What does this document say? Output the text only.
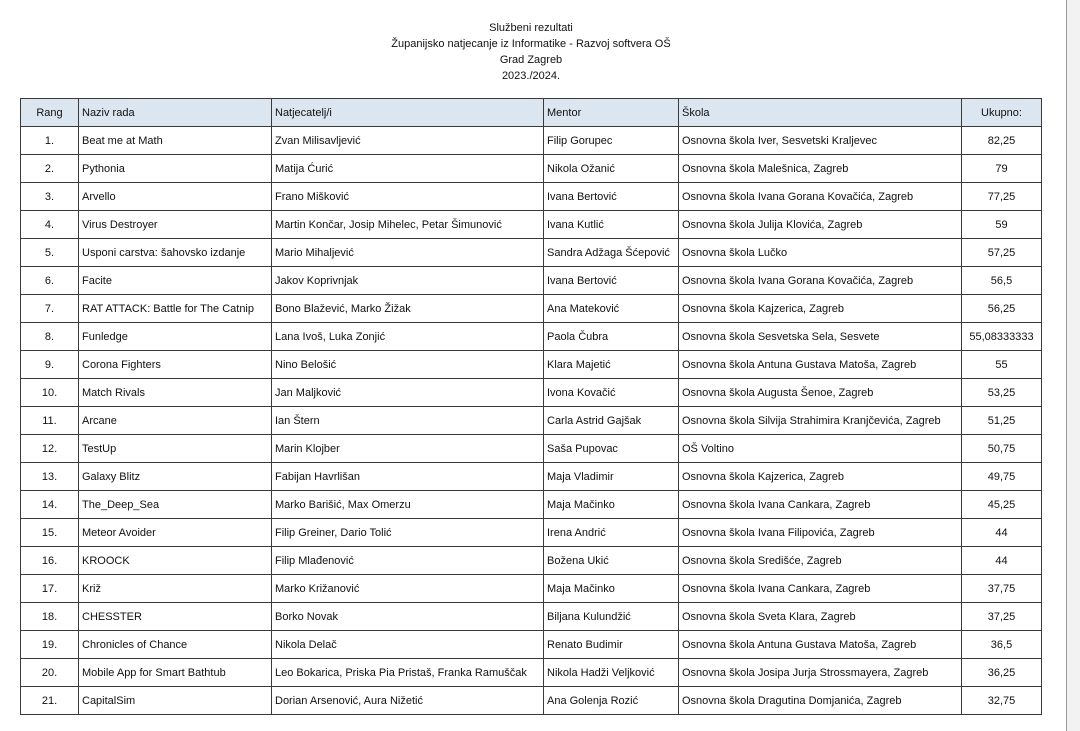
Službeni rezultati
Županijsko natjecanje iz Informatike - Razvoj softvera OŠ
Grad Zagreb
2023./2024.
Rang	Naziv rada	Natjecatelj/i	Mentor	Škola	Ukupno:
1.	Beat me at Math	Zvan Milisavljević	Filip Gorupec	Osnovna škola Iver, Sesvetski Kraljevec	82,25
2.	Pythonia	Matija Ćurić	Nikola Ožanić	Osnovna škola Malešnica, Zagreb	79
3.	Arvello	Frano Mišković	Ivana Bertović	Osnovna škola Ivana Gorana Kovačića, Zagreb	77,25
4.	Virus Destroyer	Martin Končar, Josip Mihelec, Petar Šimunović	Ivana Kutlić	Osnovna škola Julija Klovića, Zagreb	59
5.	Usponi carstva: šahovsko izdanje	Mario Mihaljević	Sandra Adžaga Šćepović	Osnovna škola Lučko	57,25
6.	Facite	Jakov Koprivnjak	Ivana Bertović	Osnovna škola Ivana Gorana Kovačića, Zagreb	56,5
7.	RAT ATTACK: Battle for The Catnip	Bono Blažević, Marko Žižak	Ana Mateković	Osnovna škola Kajzerica, Zagreb	56,25
8.	Funledge	Lana Ivoš, Luka Zonjić	Paola Čubra	Osnovna škola Sesvetska Sela, Sesvete	55,08333333
9.	Corona Fighters	Nino Belošić	Klara Majetić	Osnovna škola Antuna Gustava Matoša, Zagreb	55
10.	Match Rivals	Jan Maljković	Ivona Kovačić	Osnovna škola Augusta Šenoe, Zagreb	53,25
11.	Arcane	Ian Štern	Carla Astrid Gajšak	Osnovna škola Silvija Strahimira Kranjčevića, Zagreb	51,25
12.	TestUp	Marin Klojber	Saša Pupovac	OŠ Voltino	50,75
13.	Galaxy Blitz	Fabijan Havrlišan	Maja Vladimir	Osnovna škola Kajzerica, Zagreb	49,75
14.	The_Deep_Sea	Marko Barišić, Max Omerzu	Maja Mačinko	Osnovna škola Ivana Cankara, Zagreb	45,25
15.	Meteor Avoider	Filip Greiner, Dario Tolić	Irena Andrić	Osnovna škola Ivana Filipovića, Zagreb	44
16.	KROOCK	Filip Mlađenović	Božena Ukić	Osnovna škola Središće, Zagreb	44
17.	Križ	Marko Križanović	Maja Mačinko	Osnovna škola Ivana Cankara, Zagreb	37,75
18.	CHESSTER	Borko Novak	Biljana Kulundžić	Osnovna škola Sveta Klara, Zagreb	37,25
19.	Chronicles of Chance	Nikola Delač	Renato Budimir	Osnovna škola Antuna Gustava Matoša, Zagreb	36,5
20.	Mobile App for Smart Bathtub	Leo Bokarica, Priska Pia Pristaš, Franka Ramuščak	Nikola Hadži Veljković	Osnovna škola Josipa Jurja Strossmayera, Zagreb	36,25
21.	CapitalSim	Dorian Arsenović, Aura Nižetić	Ana Golenja Rozić	Osnovna škola Dragutina Domjanića, Zagreb	32,75
